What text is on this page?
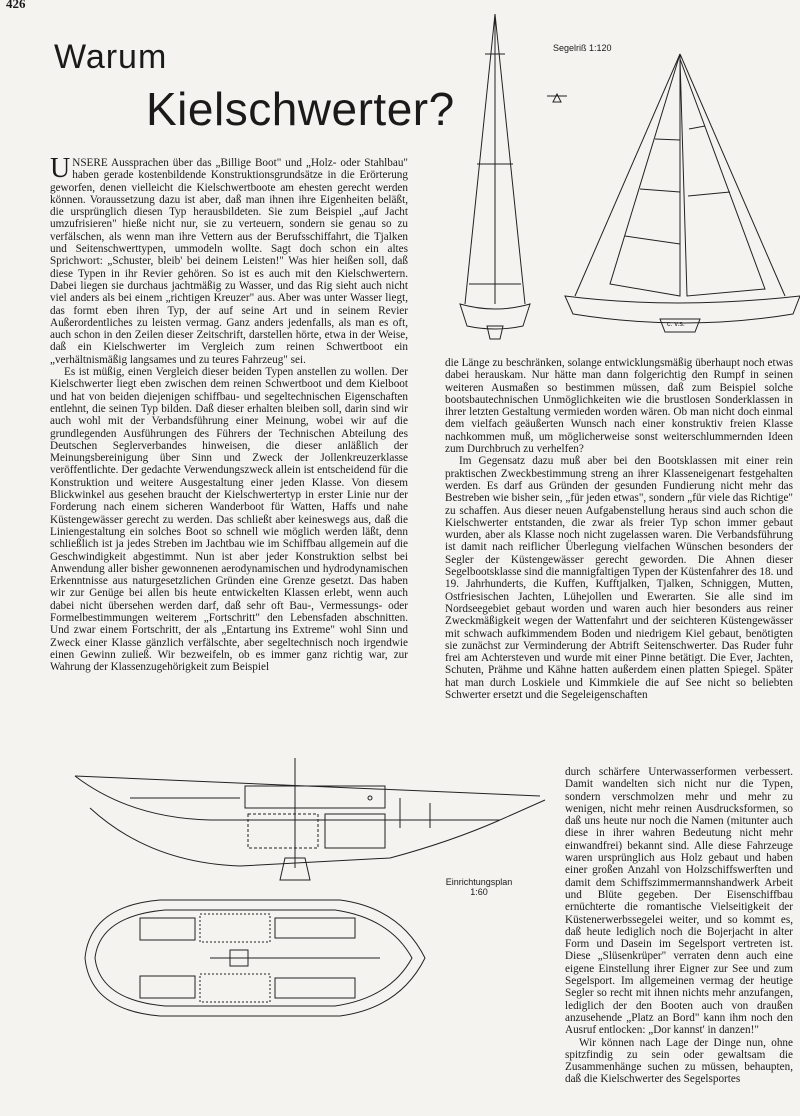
426
Warum
Kielschwerter?
c. v.s.
Segelriß 1:120

UNSERE Aussprachen über das „Billige Boot" und „Holz- oder Stahlbau" haben gerade kostenbildende Konstruktionsgrundsätze in die Erörterung geworfen, denen vielleicht die Kielschwertboote am ehesten gerecht werden können. Voraussetzung dazu ist aber, daß man ihnen ihre Eigenheiten beläßt, die ursprünglich diesen Typ herausbildeten. Sie zum Beispiel „auf Jacht umzufrisieren" hieße nicht nur, sie zu verteuern, sondern sie genau so zu verfälschen, als wenn man ihre Vettern aus der Berufsschiffahrt, die Tjalken und Seitenschwerttypen, ummodeln wollte. Sagt doch schon ein altes Sprichwort: „Schuster, bleib' bei deinem Leisten!" Was hier heißen soll, daß diese Typen in ihr Revier gehören. So ist es auch mit den Kielschwertern. Dabei liegen sie durchaus jachtmäßig zu Wasser, und das Rig sieht auch nicht viel anders als bei einem „richtigen Kreuzer" aus. Aber was unter Wasser liegt, das formt eben ihren Typ, der auf seine Art und in seinem Revier Außerordentliches zu leisten vermag. Ganz anders jedenfalls, als man es oft, auch schon in den Zeilen dieser Zeitschrift, darstellen hörte, etwa in der Weise, daß ein Kielschwerter im Vergleich zum reinen Schwertboot ein „verhältnismäßig langsames und zu teures Fahrzeug" sei.

Es ist müßig, einen Vergleich dieser beiden Typen anstellen zu wollen. Der Kielschwerter liegt eben zwischen dem reinen Schwertboot und dem Kielboot und hat von beiden diejenigen schiffbau- und segeltechnischen Eigenschaften entlehnt, die seinen Typ bilden. Daß dieser erhalten bleiben soll, darin sind wir auch wohl mit der Verbandsführung einer Meinung, wobei wir auf die grundlegenden Ausführungen des Führers der Technischen Abteilung des Deutschen Seglerverbandes hinweisen, die dieser anläßlich der Meinungsbereinigung über Sinn und Zweck der Jollenkreuzerklasse veröffentlichte. Der gedachte Verwendungszweck allein ist entscheidend für die Konstruktion und weitere Ausgestaltung einer jeden Klasse. Von diesem Blickwinkel aus gesehen braucht der Kielschwertertyp in erster Linie nur der Forderung nach einem sicheren Wanderboot für Watten, Haffs und nahe Küstengewässer gerecht zu werden. Das schließt aber keineswegs aus, daß die Liniengestaltung ein solches Boot so schnell wie möglich werden läßt, denn schließlich ist ja jedes Streben im Jachtbau wie im Schiffbau allgemein auf die Geschwindigkeit abgestimmt. Nun ist aber jeder Konstruktion selbst bei Anwendung aller bisher gewonnenen aerodynamischen und hydrodynamischen Erkenntnisse aus naturgesetzlichen Gründen eine Grenze gesetzt. Das haben wir zur Genüge bei allen bis heute entwickelten Klassen erlebt, wenn auch dabei nicht übersehen werden darf, daß sehr oft Bau-, Vermessungs- oder Formelbestimmungen weiterem „Fortschritt" den Lebensfaden abschnitten. Und zwar einem Fortschritt, der als „Entartung ins Extreme" wohl Sinn und Zweck einer Klasse gänzlich verfälschte, aber segeltechnisch noch irgendwie einen Gewinn zuließ. Wir bezweifeln, ob es immer ganz richtig war, zur Wahrung der Klassenzugehörigkeit zum Beispiel

die Länge zu beschränken, solange entwicklungsmäßig überhaupt noch etwas dabei herauskam. Nur hätte man dann folgerichtig den Rumpf in seinen weiteren Ausmaßen so bestimmen müssen, daß zum Beispiel solche bootsbautechnischen Unmöglichkeiten wie die brustlosen Sonderklassen in ihrer letzten Gestaltung vermieden worden wären. Ob man nicht doch einmal dem vielfach geäußerten Wunsch nach einer konstruktiv freien Klasse nachkommen muß, um möglicherweise sonst weiterschlummernden Ideen zum Durchbruch zu verhelfen?

Im Gegensatz dazu muß aber bei den Bootsklassen mit einer rein praktischen Zweckbestimmung streng an ihrer Klasseneigenart festgehalten werden. Es darf aus Gründen der gesunden Fundierung nicht mehr das Bestreben wie bisher sein, „für jeden etwas", sondern „für viele das Richtige" zu schaffen. Aus dieser neuen Aufgabenstellung heraus sind auch schon die Kielschwerter entstanden, die zwar als freier Typ schon immer gebaut wurden, aber als Klasse noch nicht zugelassen waren. Die Verbandsführung ist damit nach reiflicher Überlegung vielfachen Wünschen besonders der Segler der Küstengewässer gerecht geworden. Die Ahnen dieser Segelbootsklasse sind die mannigfaltigen Typen der Küstenfahrer des 18. und 19. Jahrhunderts, die Kuffen, Kufftjalken, Tjalken, Schniggen, Mutten, Ostfriesischen Jachten, Lühejollen und Ewerarten. Sie alle sind im Nordseegebiet gebaut worden und waren auch hier besonders aus reiner Zweckmäßigkeit wegen der Wattenfahrt und der seichteren Küstengewässer mit schwach aufkimmendem Boden und niedrigem Kiel gebaut, benötigten sie zunächst zur Verminderung der Abtrift Seitenschwerter. Das Ruder fuhr frei am Achtersteven und wurde mit einer Pinne betätigt. Die Ever, Jachten, Schuten, Prähme und Kähne hatten außerdem einen platten Spiegel. Später hat man durch Loskiele und Kimmkiele die auf See nicht so beliebten Schwerter ersetzt und die Segeleigenschaften

Einrichtungsplan
1:60

durch schärfere Unterwasserformen verbessert. Damit wandelten sich nicht nur die Typen, sondern verschmolzen mehr und mehr zu wenigen, nicht mehr reinen Ausdrucksformen, so daß uns heute nur noch die Namen (mitunter auch diese in ihrer wahren Bedeutung nicht mehr einwandfrei) bekannt sind. Alle diese Fahrzeuge waren ursprünglich aus Holz gebaut und haben einer großen Anzahl von Holzschiffswerften und damit dem Schiffszimmermannshandwerk Arbeit und Blüte gegeben. Der Eisenschiffbau ernüchterte die romantische Vielseitigkeit der Küstenerwerbssegelei weiter, und so kommt es, daß heute lediglich noch die Bojerjacht in alter Form und Dasein im Segelsport vertreten ist. Diese „Slüsenkrüper" verraten denn auch eine eigene Einstellung ihrer Eigner zur See und zum Segelsport. Im allgemeinen vermag der heutige Segler so recht mit ihnen nichts mehr anzufangen, lediglich der den Booten auch von draußen anzusehende „Platz an Bord" kann ihm noch den Ausruf entlocken: „Dor kannst' in danzen!"

Wir können nach Lage der Dinge nun, ohne spitzfindig zu sein oder gewaltsam die Zusammenhänge suchen zu müssen, behaupten, daß die Kielschwerter des Segelsportes
